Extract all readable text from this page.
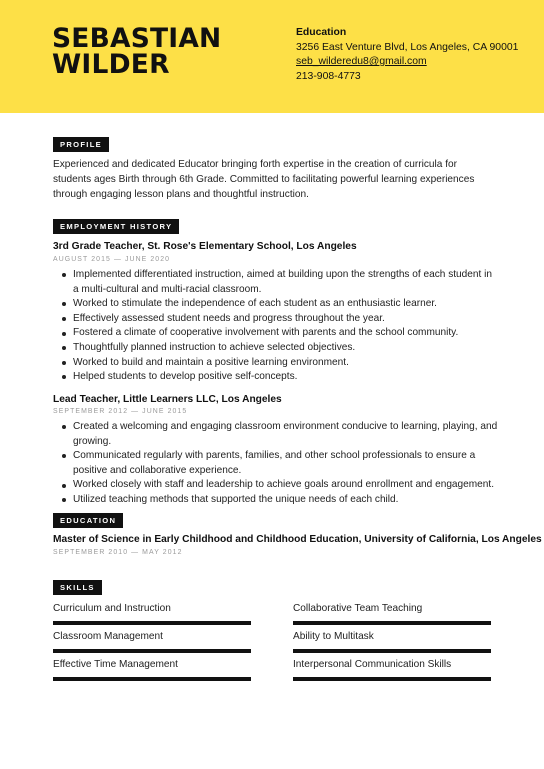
SEBASTIAN
WILDER
Education
3256 East Venture Blvd, Los Angeles, CA 90001
seb_wilderedu8@gmail.com
213-908-4773
PROFILE
Experienced and dedicated Educator bringing forth expertise in the creation of curricula for students ages Birth through 6th Grade. Committed to facilitating powerful learning experiences through engaging lesson plans and thoughtful instruction.
EMPLOYMENT HISTORY
3rd Grade Teacher, St. Rose's Elementary School, Los Angeles
AUGUST 2015 — JUNE 2020
Implemented differentiated instruction, aimed at building upon the strengths of each student in a multi-cultural and multi-racial classroom.
Worked to stimulate the independence of each student as an enthusiastic learner.
Effectively assessed student needs and progress throughout the year.
Fostered a climate of cooperative involvement with parents and the school community.
Thoughtfully planned instruction to achieve selected objectives.
Worked to build and maintain a positive learning environment.
Helped students to develop positive self-concepts.
Lead Teacher, Little Learners LLC, Los Angeles
SEPTEMBER 2012 — JUNE 2015
Created a welcoming and engaging classroom environment conducive to learning, playing, and growing.
Communicated regularly with parents, families, and other school professionals to ensure a positive and collaborative experience.
Worked closely with staff and leadership to achieve goals around enrollment and engagement.
Utilized teaching methods that supported the unique needs of each child.
EDUCATION
Master of Science in Early Childhood and Childhood Education, University of California, Los Angeles
SEPTEMBER 2010 — MAY 2012
SKILLS
Curriculum and Instruction	Collaborative Team Teaching
Classroom Management	Ability to Multitask
Effective Time Management	Interpersonal Communication Skills
